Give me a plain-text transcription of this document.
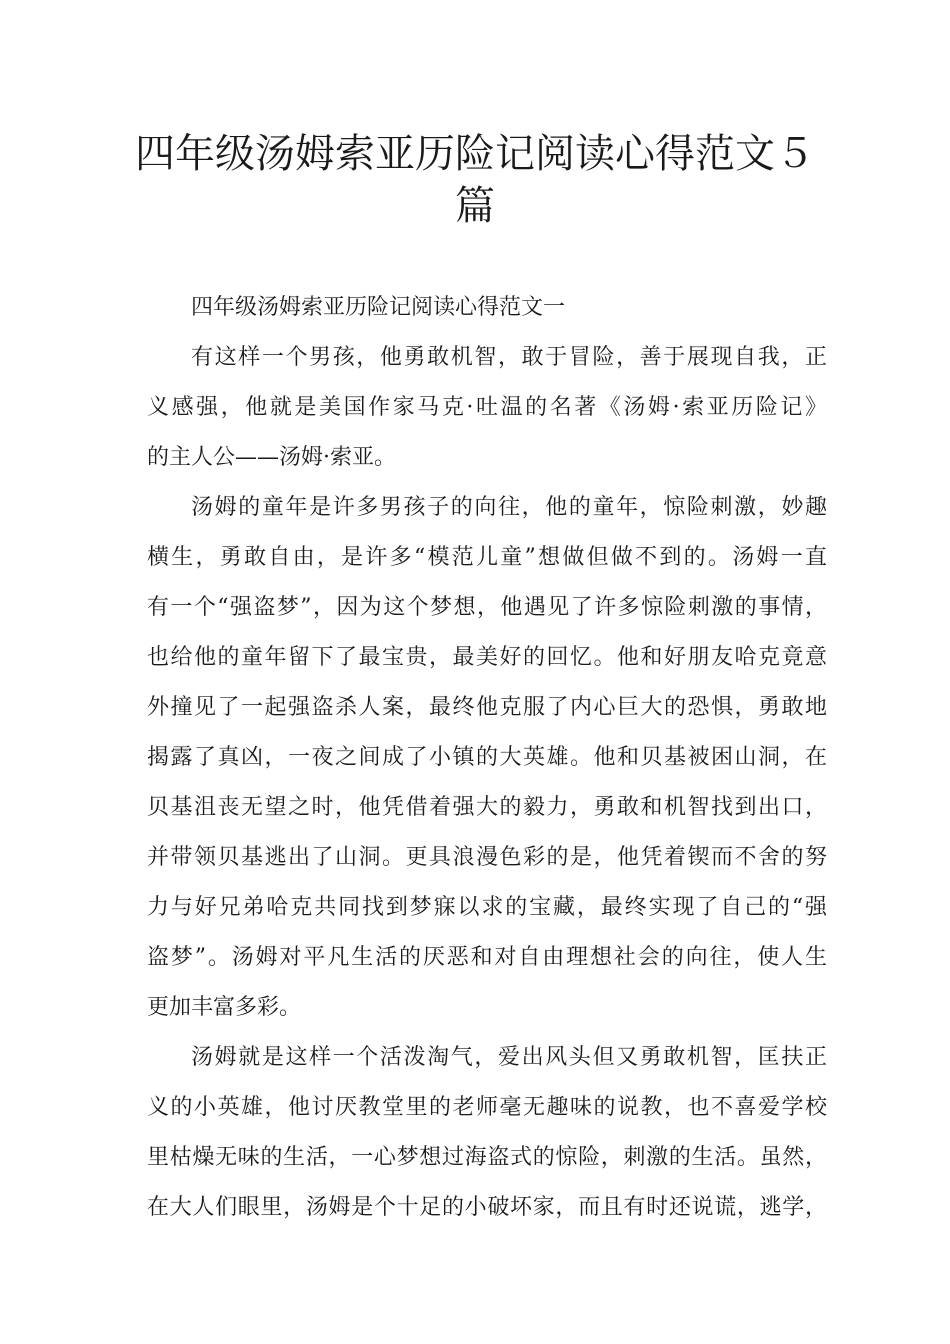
四年级汤姆索亚历险记阅读心得范文５
篇
四年级汤姆索亚历险记阅读心得范文一
有这样一个男孩，他勇敢机智，敢于冒险，善于展现自我，正
义感强，他就是美国作家马克·吐温的名著《汤姆·索亚历险记》
的主人公——汤姆·索亚。
汤姆的童年是许多男孩子的向往，他的童年，惊险刺激，妙趣
横生，勇敢自由，是许多“模范儿童”想做但做不到的。汤姆一直
有一个“强盗梦”，因为这个梦想，他遇见了许多惊险刺激的事情，
也给他的童年留下了最宝贵，最美好的回忆。他和好朋友哈克竟意
外撞见了一起强盗杀人案，最终他克服了内心巨大的恐惧，勇敢地
揭露了真凶，一夜之间成了小镇的大英雄。他和贝基被困山洞，在
贝基沮丧无望之时，他凭借着强大的毅力，勇敢和机智找到出口，
并带领贝基逃出了山洞。更具浪漫色彩的是，他凭着锲而不舍的努
力与好兄弟哈克共同找到梦寐以求的宝藏，最终实现了自己的“强
盗梦”。汤姆对平凡生活的厌恶和对自由理想社会的向往，使人生
更加丰富多彩。
汤姆就是这样一个活泼淘气，爱出风头但又勇敢机智，匡扶正
义的小英雄，他讨厌教堂里的老师毫无趣味的说教，也不喜爱学校
里枯燥无味的生活，一心梦想过海盗式的惊险，刺激的生活。虽然，
在大人们眼里，汤姆是个十足的小破坏家，而且有时还说谎，逃学，
